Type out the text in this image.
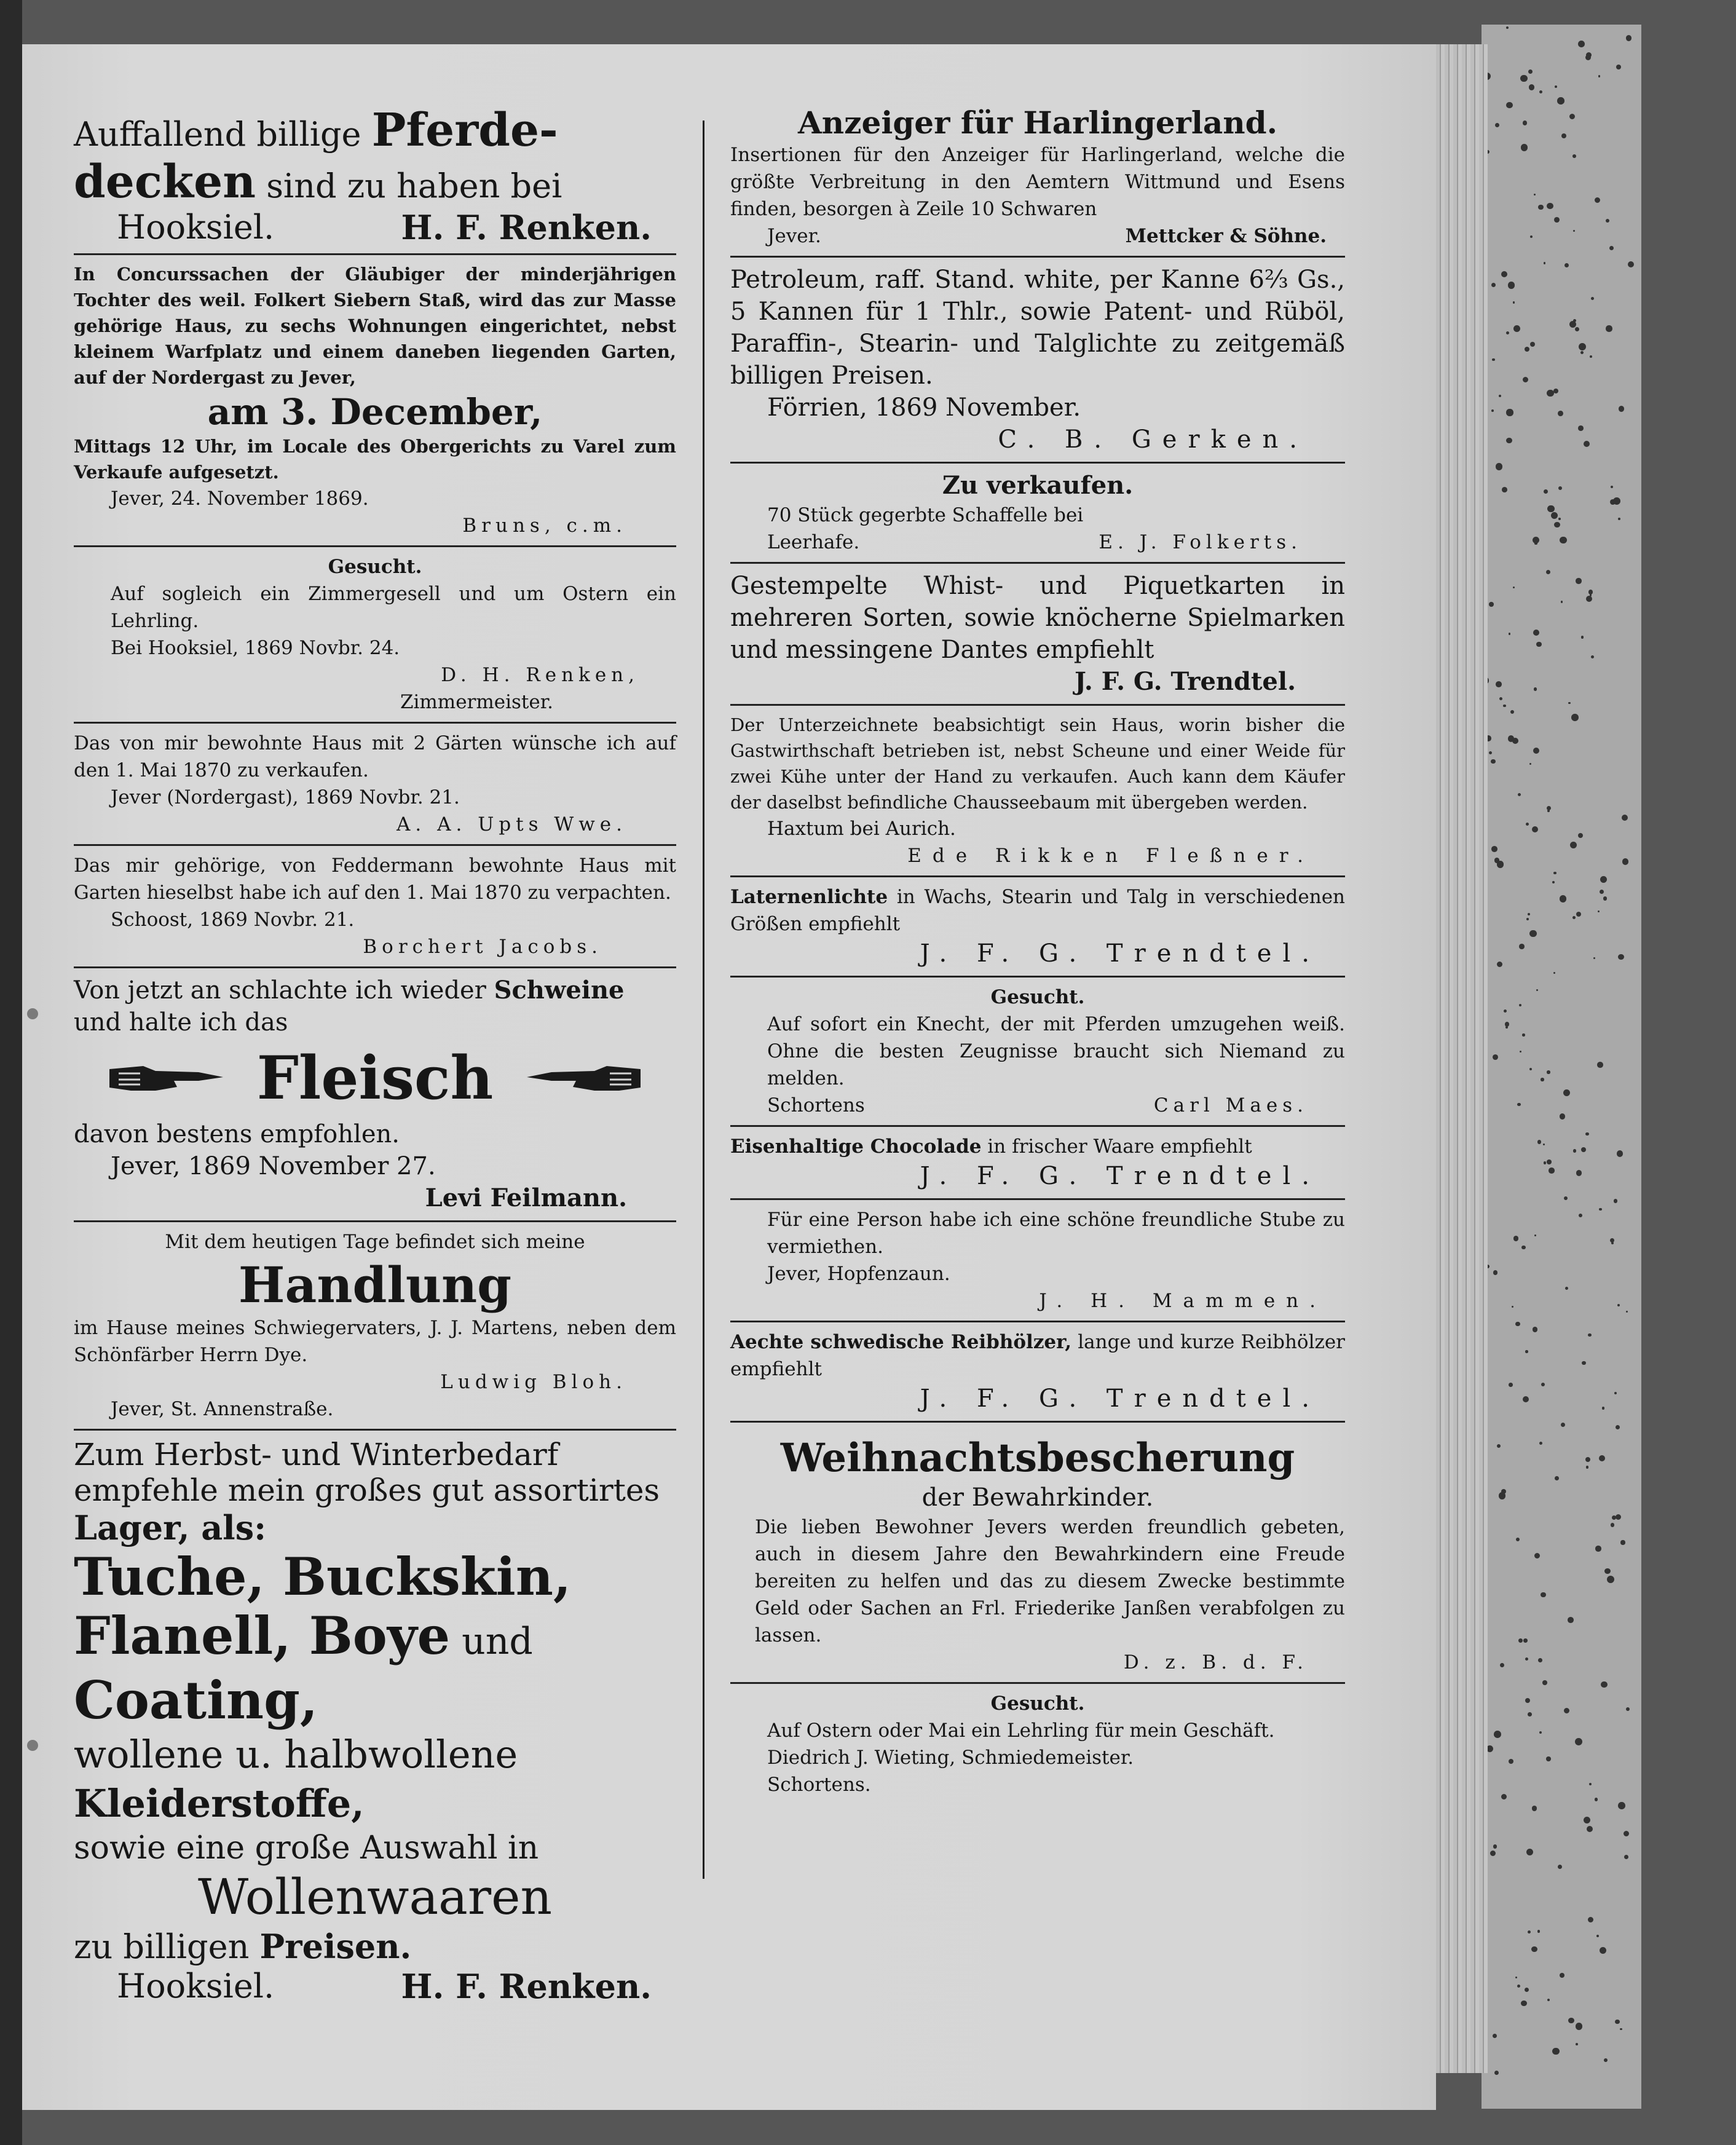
Auffallend billige Pferde-
decken sind zu haben bei
Hooksiel.	H. F. Renken.
In Concurssachen der Gläubiger der minderjährigen Tochter des weil. Folkert Siebern Staß, wird das zur Masse gehörige Haus, zu sechs Wohnungen eingerichtet, nebst kleinem Warfplatz und einem daneben liegenden Garten, auf der Nordergast zu Jever,
am 3. December,
Mittags 12 Uhr, im Locale des Obergerichts zu Varel zum Verkaufe aufgesetzt.
Jever, 24. November 1869.
Bruns, c.m.
Gesucht.
Auf sogleich ein Zimmergesell und um Ostern ein Lehrling.
Bei Hooksiel, 1869 Novbr. 24.
D. H. Renken,
Zimmermeister.
Das von mir bewohnte Haus mit 2 Gärten wünsche ich auf den 1. Mai 1870 zu verkaufen.
Jever (Nordergast), 1869 Novbr. 21.
A. A. Upts Wwe.
Das mir gehörige, von Feddermann bewohnte Haus mit Garten hieselbst habe ich auf den 1. Mai 1870 zu verpachten.
Schoost, 1869 Novbr. 21.
Borchert Jacobs.
Von jetzt an schlachte ich wieder Schweine
und halte ich das
Fleisch
davon bestens empfohlen.
Jever, 1869 November 27.
Levi Feilmann.
Mit dem heutigen Tage befindet sich meine
Handlung
im Hause meines Schwiegervaters, J. J. Martens, neben dem Schönfärber Herrn Dye.
Ludwig Bloh.
Jever, St. Annenstraße.
Zum Herbst- und Winterbedarf empfehle mein großes gut assortirtes
Lager, als:
Tuche, Buckskin, Flanell, Boye und Coating,
wollene u. halbwollene Kleiderstoffe,
sowie eine große Auswahl in
Wollenwaaren
zu billigen Preisen.
Hooksiel.	H. F. Renken.
Anzeiger für Harlingerland.
Insertionen für den Anzeiger für Harlingerland, welche die größte Verbreitung in den Aemtern Wittmund und Esens finden, besorgen à Zeile 10 Schwaren
Jever.	Mettcker & Söhne.
Petroleum, raff. Stand. white, per Kanne 6⅔ Gs., 5 Kannen für 1 Thlr., sowie Patent- und Rüböl, Paraffin-, Stearin- und Talglichte zu zeitgemäß billigen Preisen.
Förrien, 1869 November.
C. B. Gerken.
Zu verkaufen.
70 Stück gegerbte Schaffelle bei
Leerhafe.	E. J. Folkerts.
Gestempelte Whist- und Piquetkarten in mehreren Sorten, sowie knöcherne Spielmarken und messingene Dantes empfiehlt
J. F. G. Trendtel.
Der Unterzeichnete beabsichtigt sein Haus, worin bisher die Gastwirthschaft betrieben ist, nebst Scheune und einer Weide für zwei Kühe unter der Hand zu verkaufen. Auch kann dem Käufer der daselbst befindliche Chausseebaum mit übergeben werden.
Haxtum bei Aurich.
Ede Rikken Fleßner.
Laternenlichte in Wachs, Stearin und Talg in verschiedenen Größen empfiehlt
J. F. G. Trendtel.
Gesucht.
Auf sofort ein Knecht, der mit Pferden umzugehen weiß. Ohne die besten Zeugnisse braucht sich Niemand zu melden.
Schortens	Carl Maes.
Eisenhaltige Chocolade in frischer Waare empfiehlt
J. F. G. Trendtel.
Für eine Person habe ich eine schöne freundliche Stube zu vermiethen.
Jever, Hopfenzaun.
J. H. Mammen.
Aechte schwedische Reibhölzer, lange und kurze Reibhölzer empfiehlt
J. F. G. Trendtel.
Weihnachtsbescherung
der Bewahrkinder.
Die lieben Bewohner Jevers werden freundlich gebeten, auch in diesem Jahre den Bewahrkindern eine Freude bereiten zu helfen und das zu diesem Zwecke bestimmte Geld oder Sachen an Frl. Friederike Janßen verabfolgen zu lassen.
D. z. B. d. F.
Gesucht.
Auf Ostern oder Mai ein Lehrling für mein Geschäft.
Diedrich J. Wieting, Schmiedemeister.
Schortens.
